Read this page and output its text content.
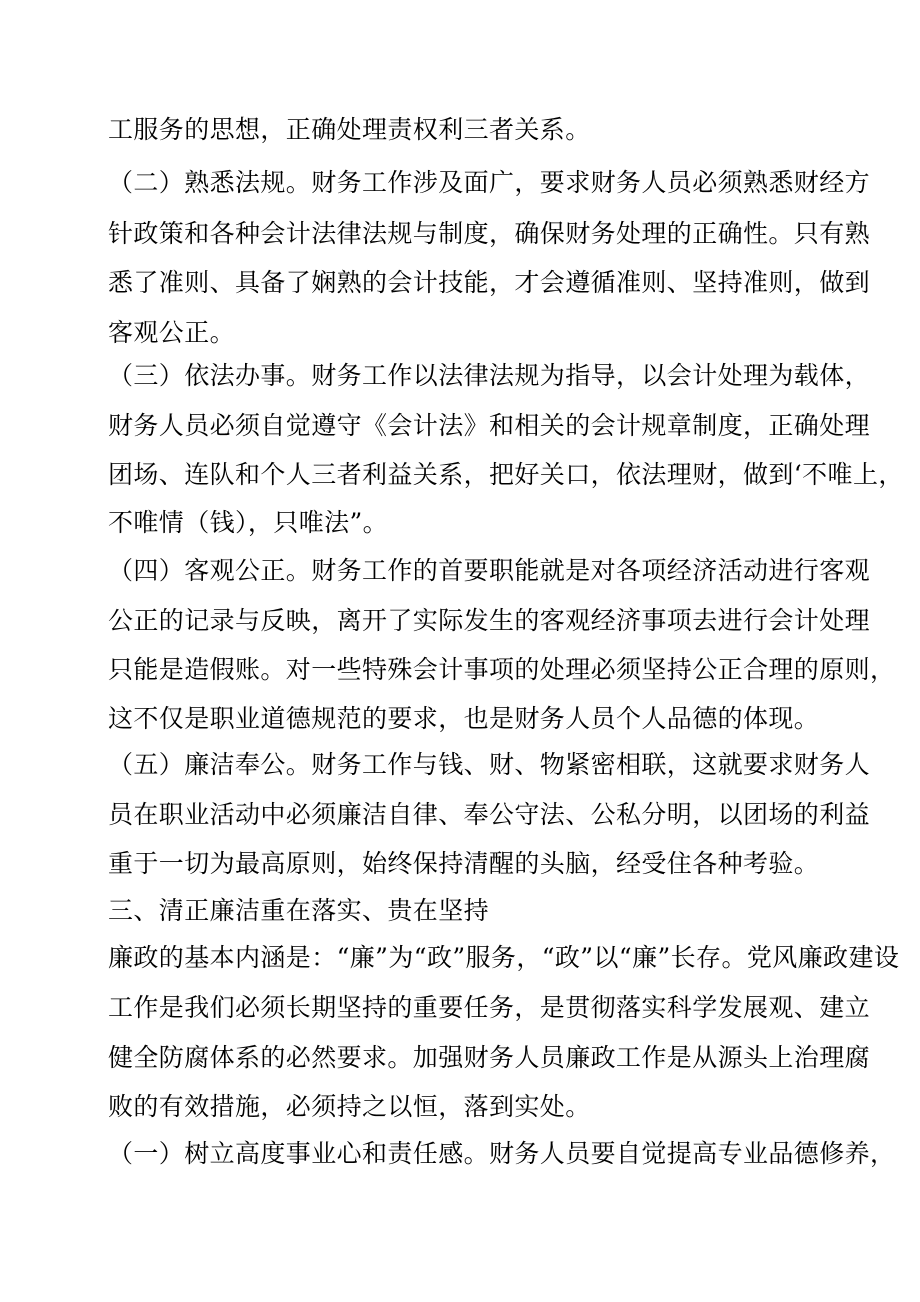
工服务的思想，正确处理责权利三者关系。
（二）熟悉法规。财务工作涉及面广，要求财务人员必须熟悉财经方
针政策和各种会计法律法规与制度，确保财务处理的正确性。只有熟
悉了准则、具备了娴熟的会计技能，才会遵循准则、坚持准则，做到
客观公正。
（三）依法办事。财务工作以法律法规为指导，以会计处理为载体，
财务人员必须自觉遵守《会计法》和相关的会计规章制度，正确处理
团场、连队和个人三者利益关系，把好关口，依法理财，做到‘不唯上，
不唯情（钱），只唯法”。
（四）客观公正。财务工作的首要职能就是对各项经济活动进行客观
公正的记录与反映，离开了实际发生的客观经济事项去进行会计处理
只能是造假账。对一些特殊会计事项的处理必须坚持公正合理的原则，
这不仅是职业道德规范的要求，也是财务人员个人品德的体现。
（五）廉洁奉公。财务工作与钱、财、物紧密相联，这就要求财务人
员在职业活动中必须廉洁自律、奉公守法、公私分明，以团场的利益
重于一切为最高原则，始终保持清醒的头脑，经受住各种考验。
三、清正廉洁重在落实、贵在坚持
廉政的基本内涵是：“廉”为“政”服务，“政”以“廉”长存。党风廉政建设
工作是我们必须长期坚持的重要任务，是贯彻落实科学发展观、建立
健全防腐体系的必然要求。加强财务人员廉政工作是从源头上治理腐
败的有效措施，必须持之以恒，落到实处。
（一）树立高度事业心和责任感。财务人员要自觉提高专业品德修养，
